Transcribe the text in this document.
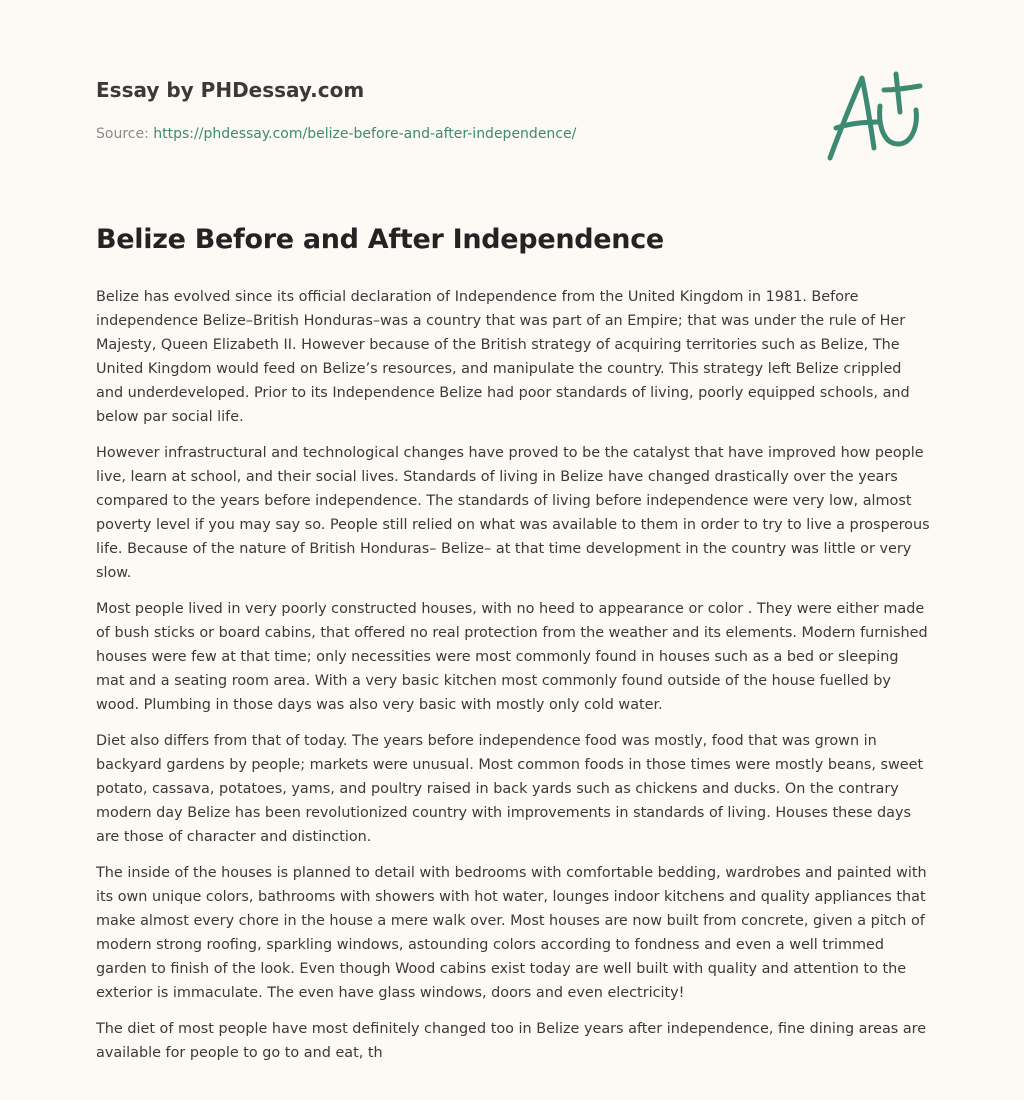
Essay by PHDessay.com
Source: https://phdessay.com/belize-before-and-after-independence/
Belize Before and After Independence

Belize has evolved since its official declaration of Independence from the United Kingdom in 1981. Before independence Belize–British Honduras–was a country that was part of an Empire; that was under the rule of Her Majesty, Queen Elizabeth II. However because of the British strategy of acquiring territories such as Belize, The United Kingdom would feed on Belize’s resources, and manipulate the country. This strategy left Belize crippled and underdeveloped. Prior to its Independence Belize had poor standards of living, poorly equipped schools, and below par social life.

However infrastructural and technological changes have proved to be the catalyst that have improved how people live, learn at school, and their social lives. Standards of living in Belize have changed drastically over the years compared to the years before independence. The standards of living before independence were very low, almost poverty level if you may say so. People still relied on what was available to them in order to try to live a prosperous life. Because of the nature of British Honduras– Belize– at that time development in the country was little or very slow.

Most people lived in very poorly constructed houses, with no heed to appearance or color . They were either made of bush sticks or board cabins, that offered no real protection from the weather and its elements. Modern furnished houses were few at that time; only necessities were most commonly found in houses such as a bed or sleeping mat and a seating room area. With a very basic kitchen most commonly found outside of the house fuelled by wood. Plumbing in those days was also very basic with mostly only cold water.

Diet also differs from that of today. The years before independence food was mostly, food that was grown in backyard gardens by people; markets were unusual. Most common foods in those times were mostly beans, sweet potato, cassava, potatoes, yams, and poultry raised in back yards such as chickens and ducks. On the contrary modern day Belize has been revolutionized country with improvements in standards of living. Houses these days are those of character and distinction.

The inside of the houses is planned to detail with bedrooms with comfortable bedding, wardrobes and painted with its own unique colors, bathrooms with showers with hot water, lounges indoor kitchens and quality appliances that make almost every chore in the house a mere walk over. Most houses are now built from concrete, given a pitch of modern strong roofing, sparkling windows, astounding colors according to fondness and even a well trimmed garden to finish of the look. Even though Wood cabins exist today are well built with quality and attention to the exterior is immaculate. The even have glass windows, doors and even electricity!

The diet of most people have most definitely changed too in Belize years after independence, fine dining areas are available for people to go to and eat, th
